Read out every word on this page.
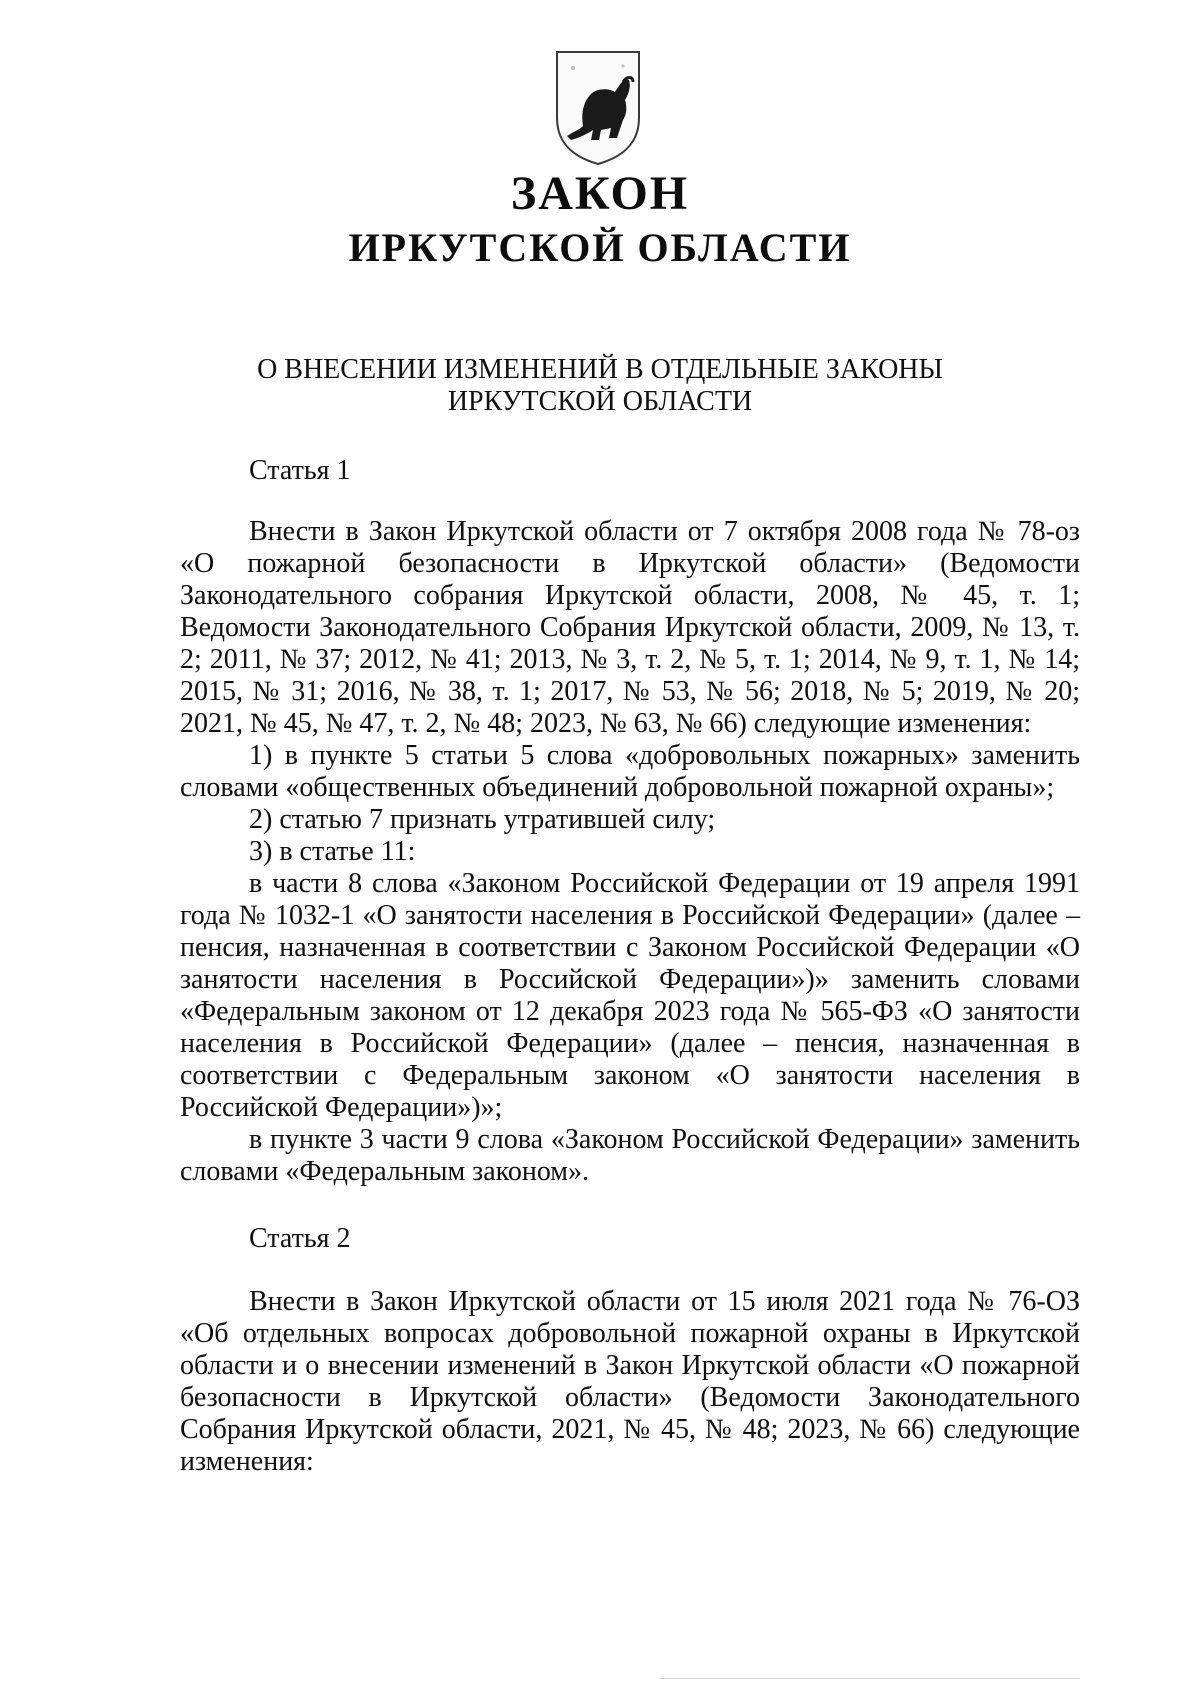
ЗАКОН
ИРКУТСКОЙ ОБЛАСТИ
О ВНЕСЕНИИ ИЗМЕНЕНИЙ В ОТДЕЛЬНЫЕ ЗАКОНЫ
ИРКУТСКОЙ ОБЛАСТИ
Статья 1
Внести в Закон Иркутской области от 7 октября 2008 года № 78-оз «О пожарной безопасности в Иркутской области» (Ведомости Законодательного собрания Иркутской области, 2008, № 45, т. 1; Ведомости Законодательного Собрания Иркутской области, 2009, № 13, т. 2; 2011, № 37; 2012, № 41; 2013, № 3, т. 2, № 5, т. 1; 2014, № 9, т. 1, № 14; 2015, № 31; 2016, № 38, т. 1; 2017, № 53, № 56; 2018, № 5; 2019, № 20; 2021, № 45, № 47, т. 2, № 48; 2023, № 63, № 66) следующие изменения:
1) в пункте 5 статьи 5 слова «добровольных пожарных» заменить словами «общественных объединений добровольной пожарной охраны»;
2) статью 7 признать утратившей силу;
3) в статье 11:
в части 8 слова «Законом Российской Федерации от 19 апреля 1991 года № 1032-1 «О занятости населения в Российской Федерации» (далее – пенсия, назначенная в соответствии с Законом Российской Федерации «О занятости населения в Российской Федерации»)» заменить словами «Федеральным законом от 12 декабря 2023 года № 565-ФЗ «О занятости населения в Российской Федерации» (далее – пенсия, назначенная в соответствии с Федеральным законом «О занятости населения в Российской Федерации»)»;
в пункте 3 части 9 слова «Законом Российской Федерации» заменить словами «Федеральным законом».
Статья 2
Внести в Закон Иркутской области от 15 июля 2021 года № 76-ОЗ «Об отдельных вопросах добровольной пожарной охраны в Иркутской области и о внесении изменений в Закон Иркутской области «О пожарной безопасности в Иркутской области» (Ведомости Законодательного Собрания Иркутской области, 2021, № 45, № 48; 2023, № 66) следующие изменения:
